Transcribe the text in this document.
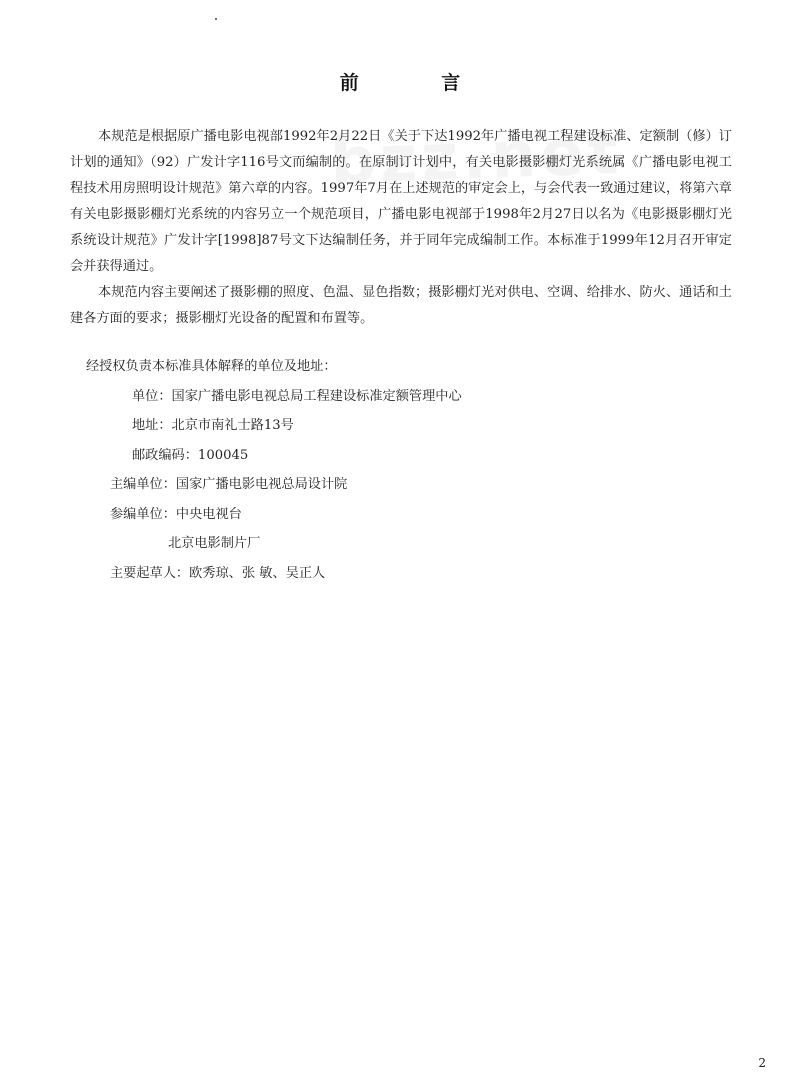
前 言

本规范是根据原广播电影电视部1992年2月22日《关于下达1992年广播电视工程建设标准、定额制（修）订计划的通知》（92）广发计字116号文而编制的。在原制订计划中，有关电影摄影棚灯光系统属《广播电影电视工程技术用房照明设计规范》第六章的内容。1997年7月在上述规范的审定会上，与会代表一致通过建议，将第六章有关电影摄影棚灯光系统的内容另立一个规范项目，广播电影电视部于1998年2月27日以名为《电影摄影棚灯光系统设计规范》广发计字[1998]87号文下达编制任务，并于同年完成编制工作。本标准于1999年12月召开审定会并获得通过。

本规范内容主要阐述了摄影棚的照度、色温、显色指数；摄影棚灯光对供电、空调、给排水、防火、通话和土建各方面的要求；摄影棚灯光设备的配置和布置等。

经授权负责本标准具体解释的单位及地址：
单位：国家广播电影电视总局工程建设标准定额管理中心
地址：北京市南礼士路13号
邮政编码：100045
主编单位：国家广播电影电视总局设计院
参编单位：中央电视台
北京电影制片厂
主要起草人：欧秀琼、张 敏、吴正人
2
